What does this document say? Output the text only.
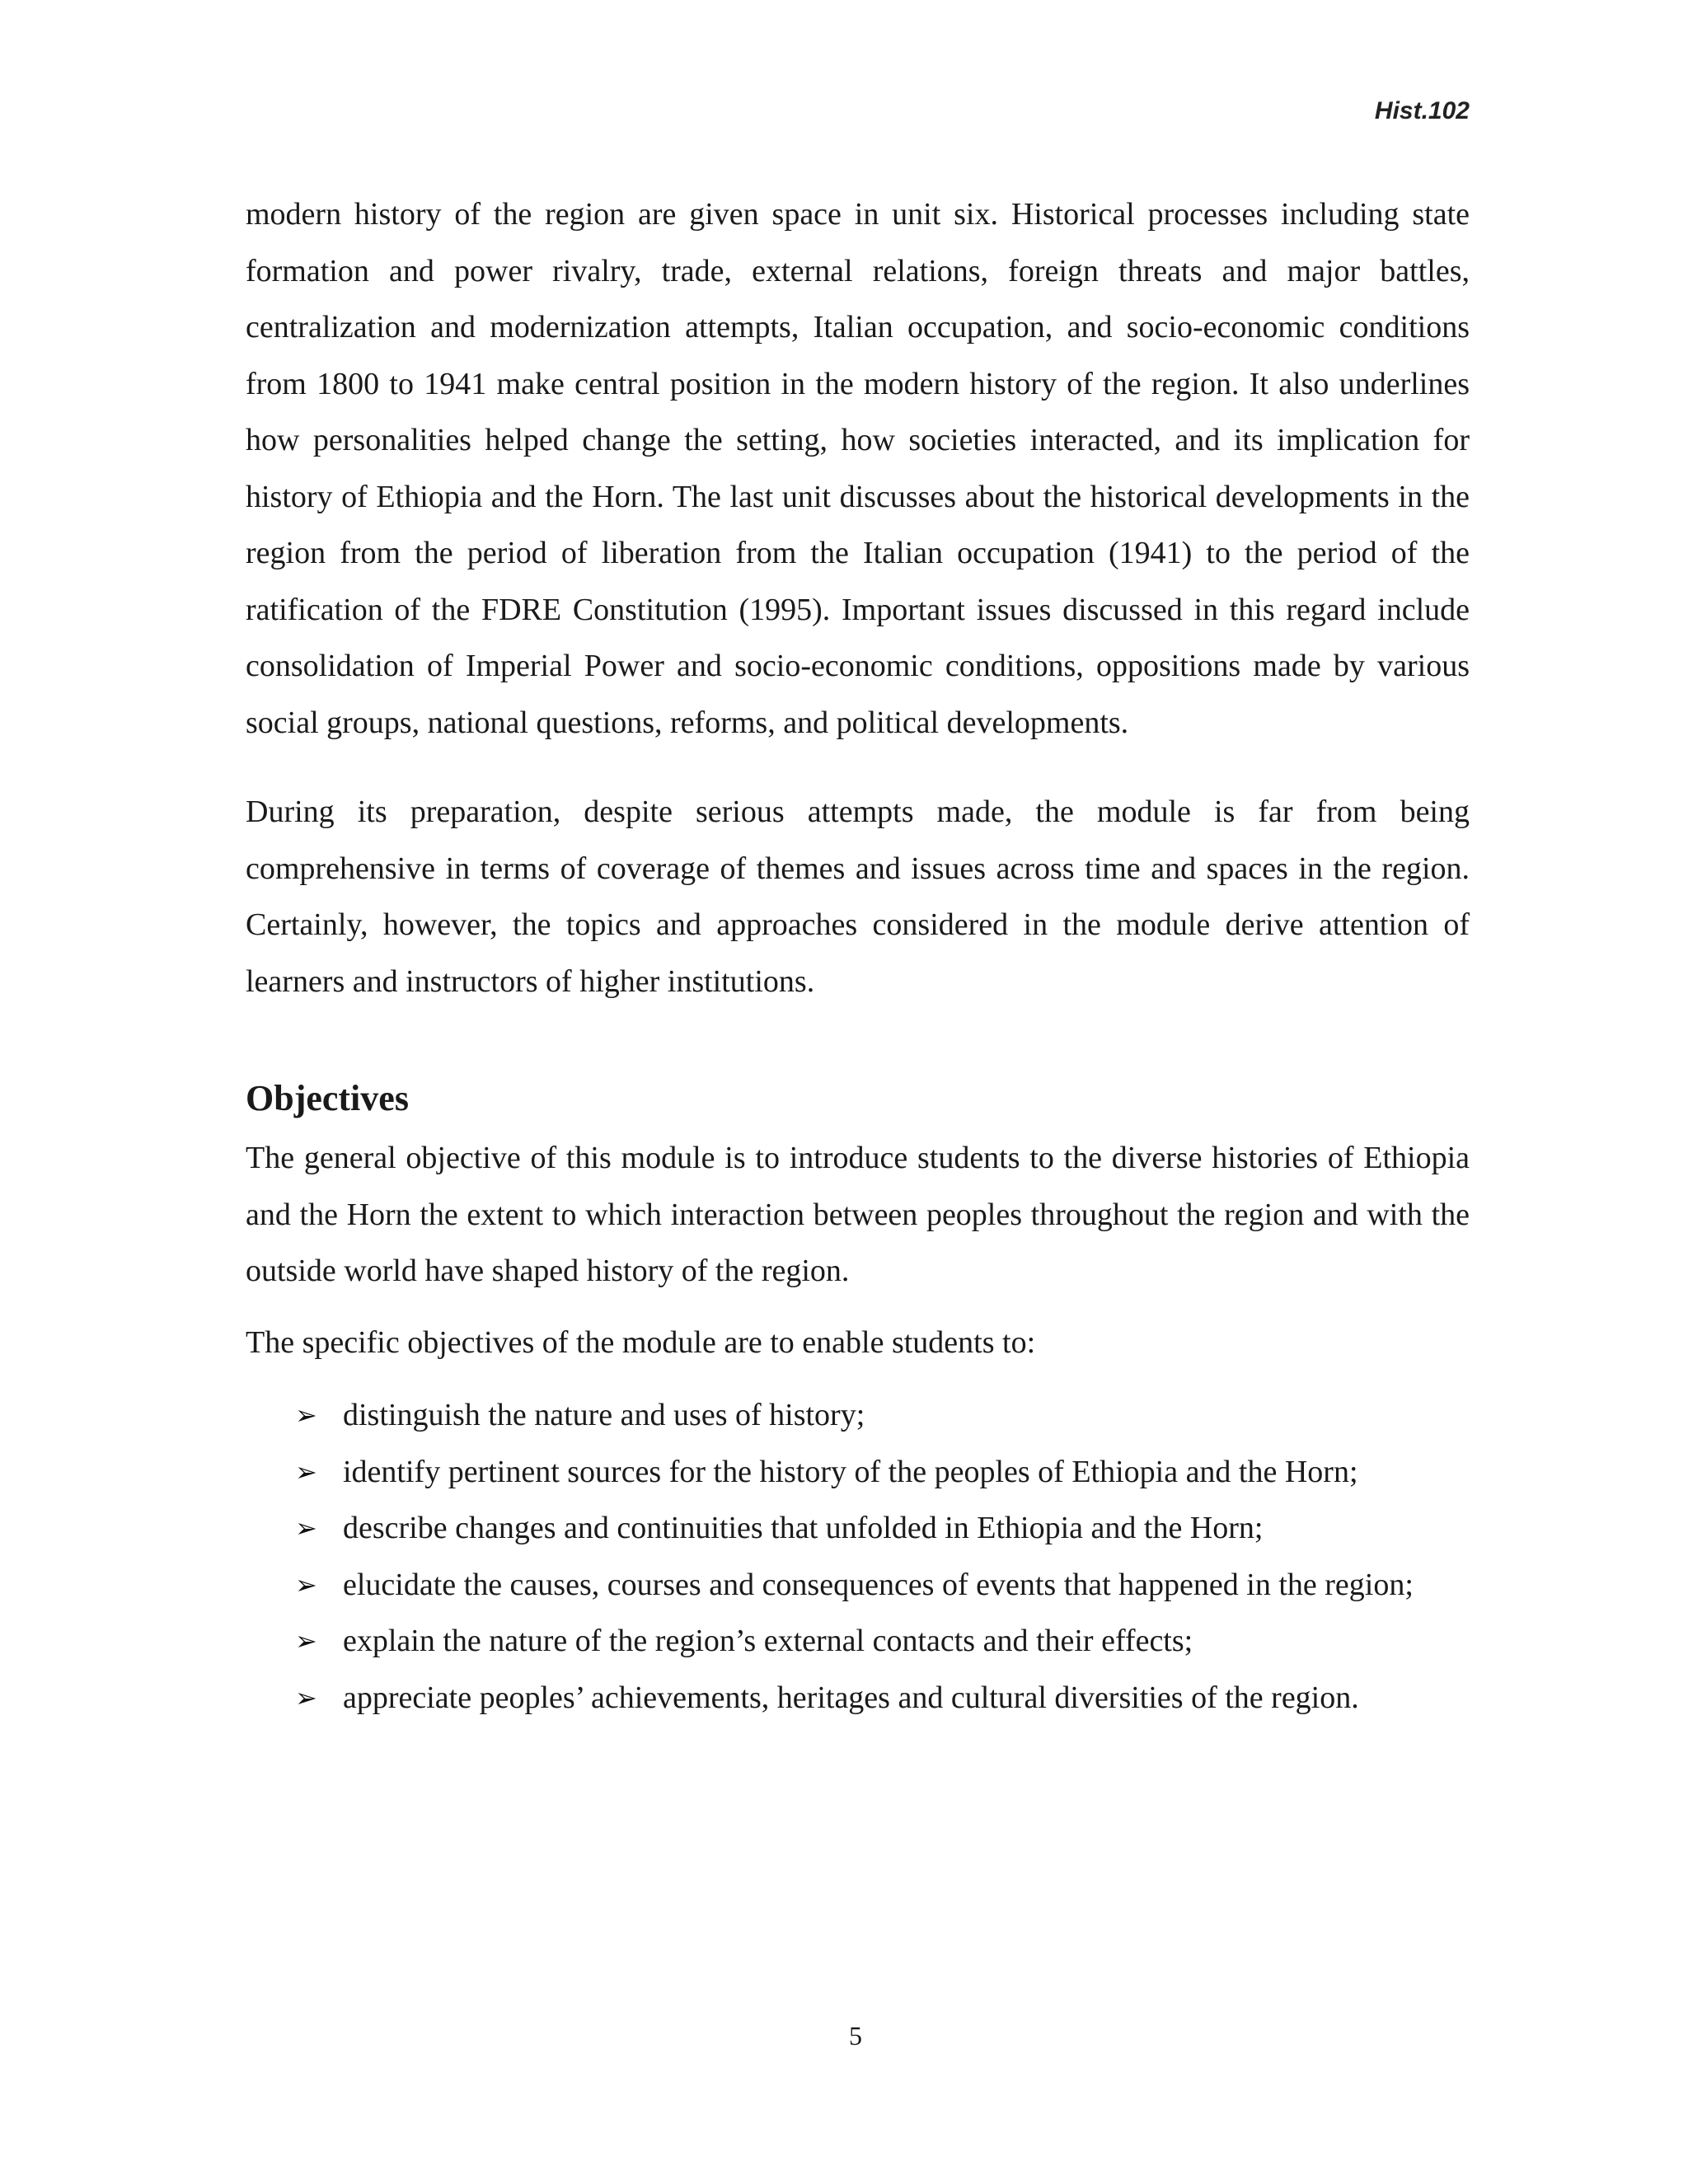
Hist.102

modern history of the region are given space in unit six. Historical processes including state formation and power rivalry, trade, external relations, foreign threats and major battles, centralization and modernization attempts, Italian occupation, and socio-economic conditions from 1800 to 1941 make central position in the modern history of the region. It also underlines how personalities helped change the setting, how societies interacted, and its implication for history of Ethiopia and the Horn. The last unit discusses about the historical developments in the region from the period of liberation from the Italian occupation (1941) to the period of the ratification of the FDRE Constitution (1995). Important issues discussed in this regard include consolidation of Imperial Power and socio-economic conditions, oppositions made by various social groups, national questions, reforms, and political developments.

During its preparation, despite serious attempts made, the module is far from being comprehensive in terms of coverage of themes and issues across time and spaces in the region. Certainly, however, the topics and approaches considered in the module derive attention of learners and instructors of higher institutions.

Objectives

The general objective of this module is to introduce students to the diverse histories of Ethiopia and the Horn the extent to which interaction between peoples throughout the region and with the outside world have shaped history of the region.

The specific objectives of the module are to enable students to:

➢ distinguish the nature and uses of history;
➢ identify pertinent sources for the history of the peoples of Ethiopia and the Horn;
➢ describe changes and continuities that unfolded in Ethiopia and the Horn;
➢ elucidate the causes, courses and consequences of events that happened in the region;
➢ explain the nature of the region’s external contacts and their effects;
➢ appreciate peoples’ achievements, heritages and cultural diversities of the region.
5
